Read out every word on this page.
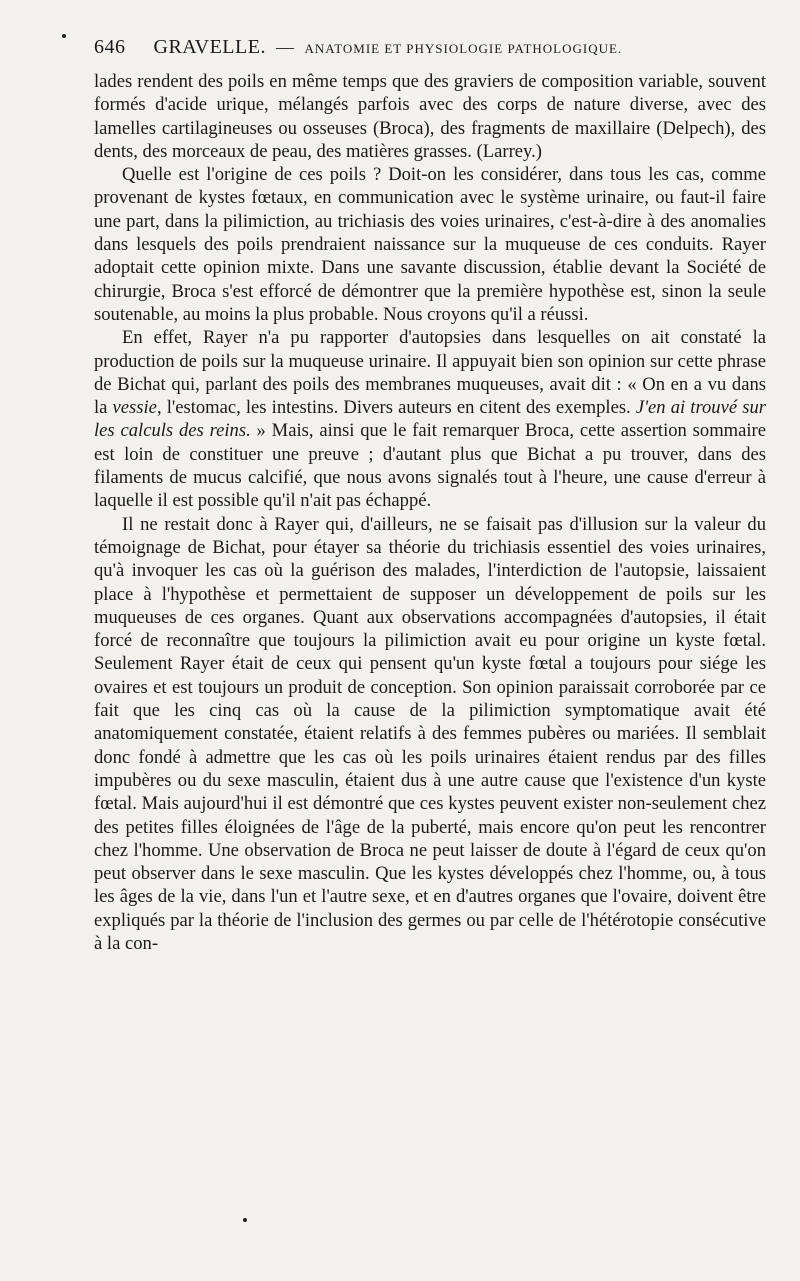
646 GRAVELLE. — ANATOMIE ET PHYSIOLOGIE PATHOLOGIQUE.

lades rendent des poils en même temps que des graviers de composition variable, souvent formés d'acide urique, mélangés parfois avec des corps de nature diverse, avec des lamelles cartilagineuses ou osseuses (Broca), des fragments de maxillaire (Delpech), des dents, des morceaux de peau, des matières grasses. (Larrey.)

Quelle est l'origine de ces poils ? Doit-on les considérer, dans tous les cas, comme provenant de kystes fœtaux, en communication avec le système urinaire, ou faut-il faire une part, dans la pilimiction, au trichiasis des voies urinaires, c'est-à-dire à des anomalies dans lesquels des poils prendraient naissance sur la muqueuse de ces conduits. Rayer adoptait cette opinion mixte. Dans une savante discussion, établie devant la Société de chirurgie, Broca s'est efforcé de démontrer que la première hypothèse est, sinon la seule soutenable, au moins la plus probable. Nous croyons qu'il a réussi.

En effet, Rayer n'a pu rapporter d'autopsies dans lesquelles on ait constaté la production de poils sur la muqueuse urinaire. Il appuyait bien son opinion sur cette phrase de Bichat qui, parlant des poils des membranes muqueuses, avait dit : « On en a vu dans la vessie, l'estomac, les intestins. Divers auteurs en citent des exemples. J'en ai trouvé sur les calculs des reins. » Mais, ainsi que le fait remarquer Broca, cette assertion sommaire est loin de constituer une preuve ; d'autant plus que Bichat a pu trouver, dans des filaments de mucus calcifié, que nous avons signalés tout à l'heure, une cause d'erreur à laquelle il est possible qu'il n'ait pas échappé.

Il ne restait donc à Rayer qui, d'ailleurs, ne se faisait pas d'illusion sur la valeur du témoignage de Bichat, pour étayer sa théorie du trichiasis essentiel des voies urinaires, qu'à invoquer les cas où la guérison des malades, l'interdiction de l'autopsie, laissaient place à l'hypothèse et permettaient de supposer un développement de poils sur les muqueuses de ces organes. Quant aux observations accompagnées d'autopsies, il était forcé de reconnaître que toujours la pilimiction avait eu pour origine un kyste fœtal. Seulement Rayer était de ceux qui pensent qu'un kyste fœtal a toujours pour siége les ovaires et est toujours un produit de conception. Son opinion paraissait corroborée par ce fait que les cinq cas où la cause de la pilimiction symptomatique avait été anatomiquement constatée, étaient relatifs à des femmes pubères ou mariées. Il semblait donc fondé à admettre que les cas où les poils urinaires étaient rendus par des filles impubères ou du sexe masculin, étaient dus à une autre cause que l'existence d'un kyste fœtal. Mais aujourd'hui il est démontré que ces kystes peuvent exister non-seulement chez des petites filles éloignées de l'âge de la puberté, mais encore qu'on peut les rencontrer chez l'homme. Une observation de Broca ne peut laisser de doute à l'égard de ceux qu'on peut observer dans le sexe masculin. Que les kystes développés chez l'homme, ou, à tous les âges de la vie, dans l'un et l'autre sexe, et en d'autres organes que l'ovaire, doivent être expliqués par la théorie de l'inclusion des germes ou par celle de l'hétérotopie consécutive à la con-
